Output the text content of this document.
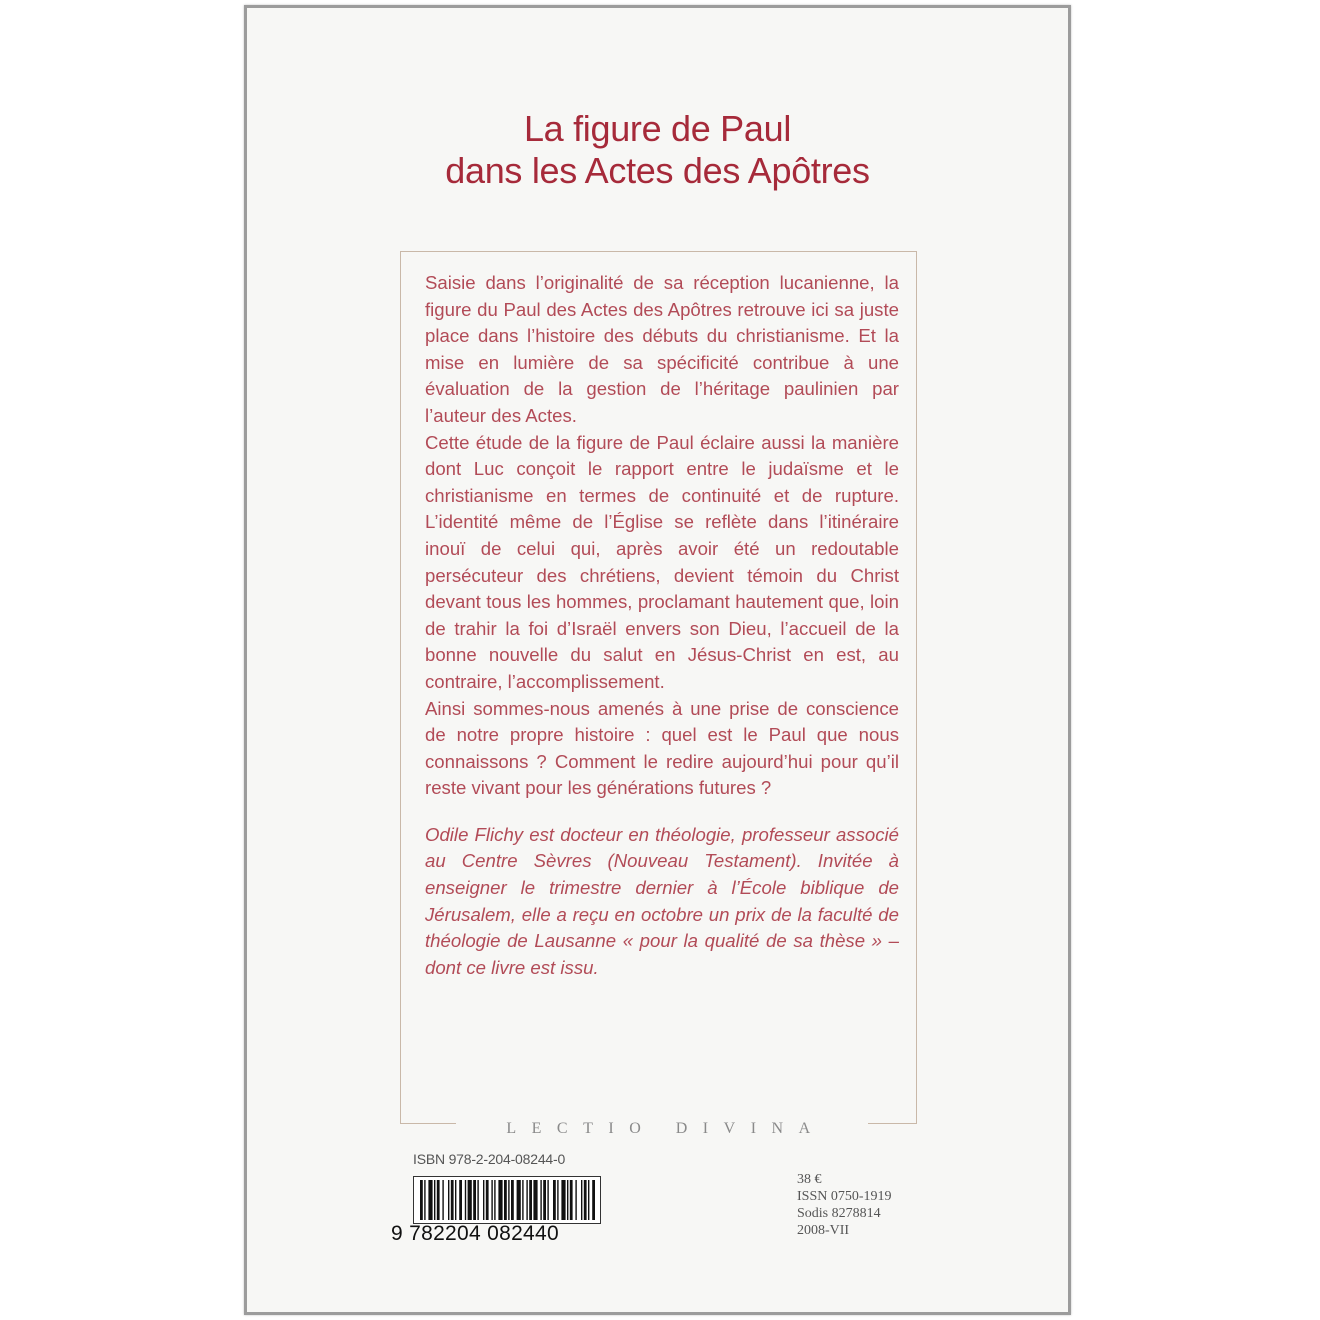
La figure de Paul
dans les Actes des Apôtres

Saisie dans l’originalité de sa réception lucanienne, la figure du Paul des Actes des Apôtres retrouve ici sa juste place dans l’histoire des débuts du christianisme. Et la mise en lumière de sa spécificité contribue à une évaluation de la gestion de l’héritage paulinien par l’auteur des Actes.

Cette étude de la figure de Paul éclaire aussi la manière dont Luc conçoit le rapport entre le judaïsme et le christianisme en termes de continuité et de rupture. L’identité même de l’Église se reflète dans l’itinéraire inouï de celui qui, après avoir été un redoutable persécuteur des chrétiens, devient témoin du Christ devant tous les hommes, proclamant hautement que, loin de trahir la foi d’Israël envers son Dieu, l’accueil de la bonne nouvelle du salut en Jésus-Christ en est, au contraire, l’accomplissement.

Ainsi sommes-nous amenés à une prise de conscience de notre propre histoire : quel est le Paul que nous connaissons ? Comment le redire aujourd’hui pour qu’il reste vivant pour les générations futures ?

Odile Flichy est docteur en théologie, professeur associé au Centre Sèvres (Nouveau Testament). Invitée à enseigner le trimestre dernier à l’École biblique de Jérusalem, elle a reçu en octobre un prix de la faculté de théologie de Lausanne « pour la qualité de sa thèse » – dont ce livre est issu.

LECTIO DIVINA
ISBN 978-2-204-08244-0
9 782204 082440
38 €
ISSN 0750-1919
Sodis 8278814
2008-VII
